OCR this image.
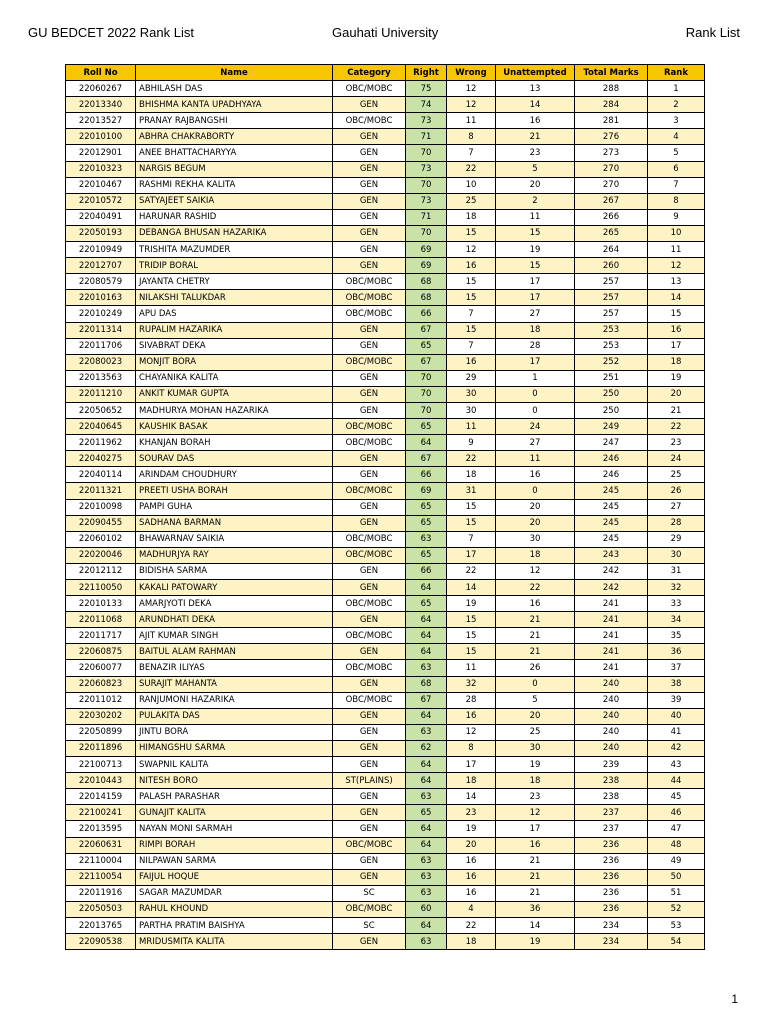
GU BEDCET 2022 Rank List	Gauhati University	Rank List
Roll No	Name	Category	Right	Wrong	Unattempted	Total Marks	Rank
22060267	ABHILASH DAS	OBC/MOBC	75	12	13	288	1
22013340	BHISHMA KANTA UPADHYAYA	GEN	74	12	14	284	2
22013527	PRANAY RAJBANGSHI	OBC/MOBC	73	11	16	281	3
22010100	ABHRA CHAKRABORTY	GEN	71	8	21	276	4
22012901	ANEE BHATTACHARYYA	GEN	70	7	23	273	5
22010323	NARGIS BEGUM	GEN	73	22	5	270	6
22010467	RASHMI REKHA KALITA	GEN	70	10	20	270	7
22010572	SATYAJEET SAIKIA	GEN	73	25	2	267	8
22040491	HARUNAR RASHID	GEN	71	18	11	266	9
22050193	DEBANGA BHUSAN HAZARIKA	GEN	70	15	15	265	10
22010949	TRISHITA MAZUMDER	GEN	69	12	19	264	11
22012707	TRIDIP BORAL	GEN	69	16	15	260	12
22080579	JAYANTA CHETRY	OBC/MOBC	68	15	17	257	13
22010163	NILAKSHI TALUKDAR	OBC/MOBC	68	15	17	257	14
22010249	APU DAS	OBC/MOBC	66	7	27	257	15
22011314	RUPALIM HAZARIKA	GEN	67	15	18	253	16
22011706	SIVABRAT DEKA	GEN	65	7	28	253	17
22080023	MONJIT BORA	OBC/MOBC	67	16	17	252	18
22013563	CHAYANIKA KALITA	GEN	70	29	1	251	19
22011210	ANKIT KUMAR GUPTA	GEN	70	30	0	250	20
22050652	MADHURYA MOHAN HAZARIKA	GEN	70	30	0	250	21
22040645	KAUSHIK BASAK	OBC/MOBC	65	11	24	249	22
22011962	KHANJAN BORAH	OBC/MOBC	64	9	27	247	23
22040275	SOURAV DAS	GEN	67	22	11	246	24
22040114	ARINDAM CHOUDHURY	GEN	66	18	16	246	25
22011321	PREETI USHA BORAH	OBC/MOBC	69	31	0	245	26
22010098	PAMPI GUHA	GEN	65	15	20	245	27
22090455	SADHANA BARMAN	GEN	65	15	20	245	28
22060102	BHAWARNAV SAIKIA	OBC/MOBC	63	7	30	245	29
22020046	MADHURJYA RAY	OBC/MOBC	65	17	18	243	30
22012112	BIDISHA SARMA	GEN	66	22	12	242	31
22110050	KAKALI PATOWARY	GEN	64	14	22	242	32
22010133	AMARJYOTI DEKA	OBC/MOBC	65	19	16	241	33
22011068	ARUNDHATI DEKA	GEN	64	15	21	241	34
22011717	AJIT KUMAR SINGH	OBC/MOBC	64	15	21	241	35
22060875	BAITUL ALAM RAHMAN	GEN	64	15	21	241	36
22060077	BENAZIR ILIYAS	OBC/MOBC	63	11	26	241	37
22060823	SURAJIT MAHANTA	GEN	68	32	0	240	38
22011012	RANJUMONI HAZARIKA	OBC/MOBC	67	28	5	240	39
22030202	PULAKITA DAS	GEN	64	16	20	240	40
22050899	JINTU BORA	GEN	63	12	25	240	41
22011896	HIMANGSHU SARMA	GEN	62	8	30	240	42
22100713	SWAPNIL KALITA	GEN	64	17	19	239	43
22010443	NITESH BORO	ST(PLAINS)	64	18	18	238	44
22014159	PALASH PARASHAR	GEN	63	14	23	238	45
22100241	GUNAJIT KALITA	GEN	65	23	12	237	46
22013595	NAYAN MONI SARMAH	GEN	64	19	17	237	47
22060631	RIMPI BORAH	OBC/MOBC	64	20	16	236	48
22110004	NILPAWAN SARMA	GEN	63	16	21	236	49
22110054	FAIJUL HOQUE	GEN	63	16	21	236	50
22011916	SAGAR MAZUMDAR	SC	63	16	21	236	51
22050503	RAHUL KHOUND	OBC/MOBC	60	4	36	236	52
22013765	PARTHA PRATIM BAISHYA	SC	64	22	14	234	53
22090538	MRIDUSMITA KALITA	GEN	63	18	19	234	54
1
